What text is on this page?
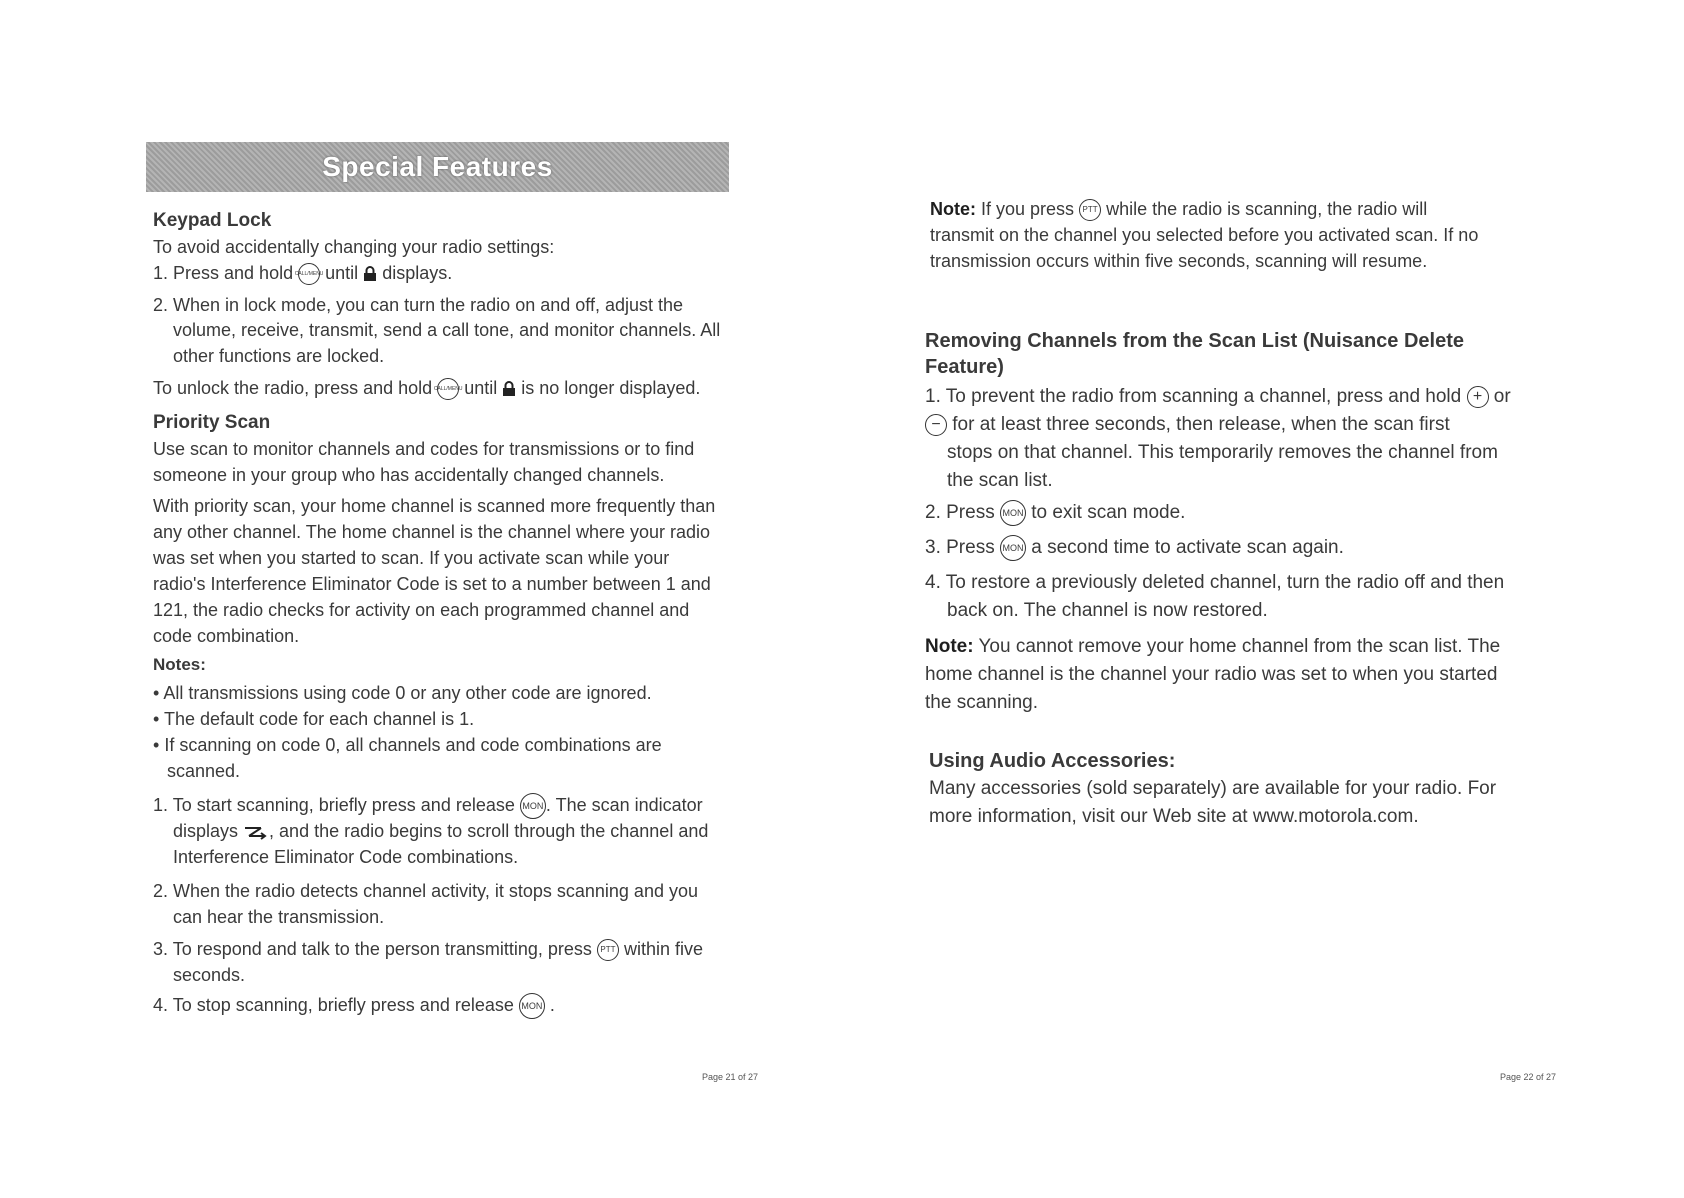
Special Features
Keypad Lock
To avoid accidentally changing your radio settings:
1. Press and hold CALL/MENU until displays.
2. When in lock mode, you can turn the radio on and off, adjust the
volume, receive, transmit, send a call tone, and monitor channels. All
other functions are locked.
To unlock the radio, press and hold CALL/MENU until is no longer displayed.
Priority Scan
Use scan to monitor channels and codes for transmissions or to find
someone in your group who has accidentally changed channels.
With priority scan, your home channel is scanned more frequently than
any other channel. The home channel is the channel where your radio
was set when you started to scan. If you activate scan while your
radio's Interference Eliminator Code is set to a number between 1 and
121, the radio checks for activity on each programmed channel and
code combination.
Notes:
• All transmissions using code 0 or any other code are ignored.
• The default code for each channel is 1.
• If scanning on code 0, all channels and code combinations are
scanned.
1. To start scanning, briefly press and release MON . The scan indicator
displays , and the radio begins to scroll through the channel and
Interference Eliminator Code combinations.
2. When the radio detects channel activity, it stops scanning and you
can hear the transmission.
3. To respond and talk to the person transmitting, press PTT within five
seconds.
4. To stop scanning, briefly press and release MON .
Page 21 of 27
Note: If you press PTT while the radio is scanning, the radio will
transmit on the channel you selected before you activated scan. If no
transmission occurs within five seconds, scanning will resume.
Removing Channels from the Scan List (Nuisance Delete
Feature)
1. To prevent the radio from scanning a channel, press and hold + or
− for at least three seconds, then release, when the scan first
stops on that channel. This temporarily removes the channel from
the scan list.
2. Press MON to exit scan mode.
3. Press MON a second time to activate scan again.
4. To restore a previously deleted channel, turn the radio off and then
back on. The channel is now restored.
Note: You cannot remove your home channel from the scan list. The
home channel is the channel your radio was set to when you started
the scanning.
Using Audio Accessories:
Many accessories (sold separately) are available for your radio. For
more information, visit our Web site at www.motorola.com.
Page 22 of 27
